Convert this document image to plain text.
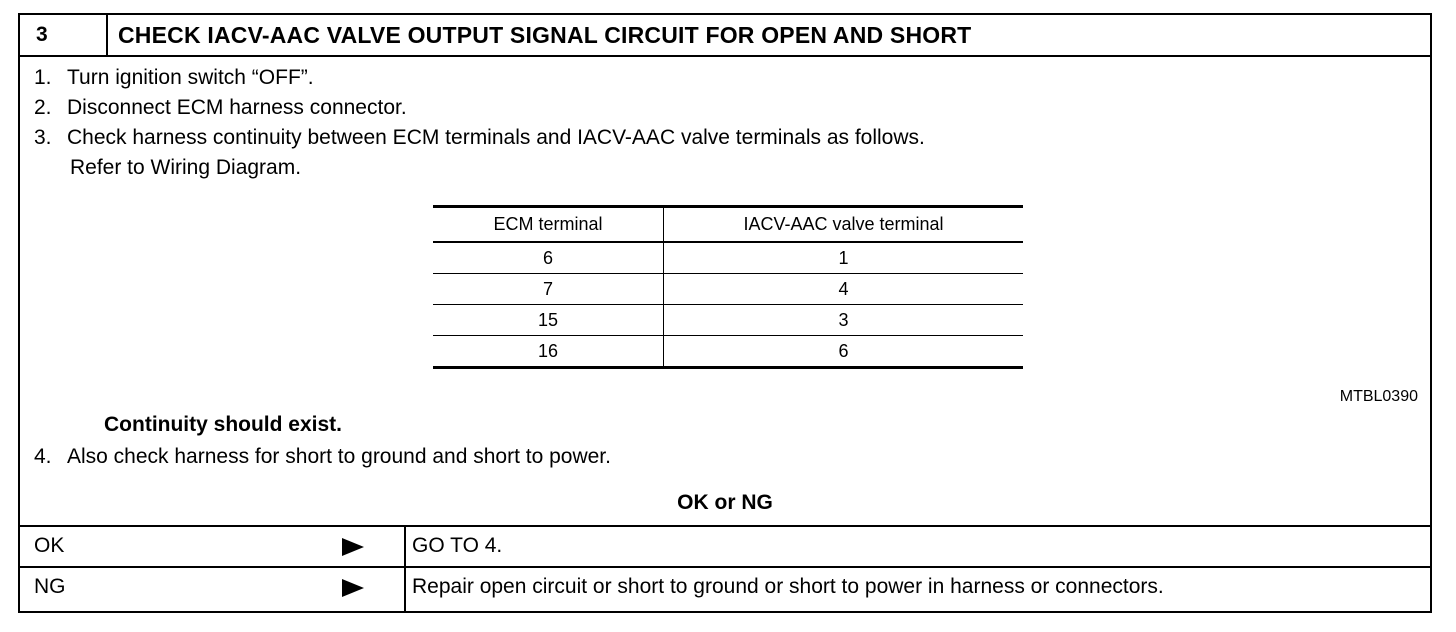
3	CHECK IACV-AAC VALVE OUTPUT SIGNAL CIRCUIT FOR OPEN AND SHORT
1. Turn ignition switch “OFF”.
2. Disconnect ECM harness connector.
3. Check harness continuity between ECM terminals and IACV-AAC valve terminals as follows.
Refer to Wiring Diagram.
ECM terminal	IACV-AAC valve terminal
6	1
7	4
15	3
16	6
MTBL0390
Continuity should exist.
4. Also check harness for short to ground and short to power.
OK or NG
OK	GO TO 4.
NG	Repair open circuit or short to ground or short to power in harness or connectors.
